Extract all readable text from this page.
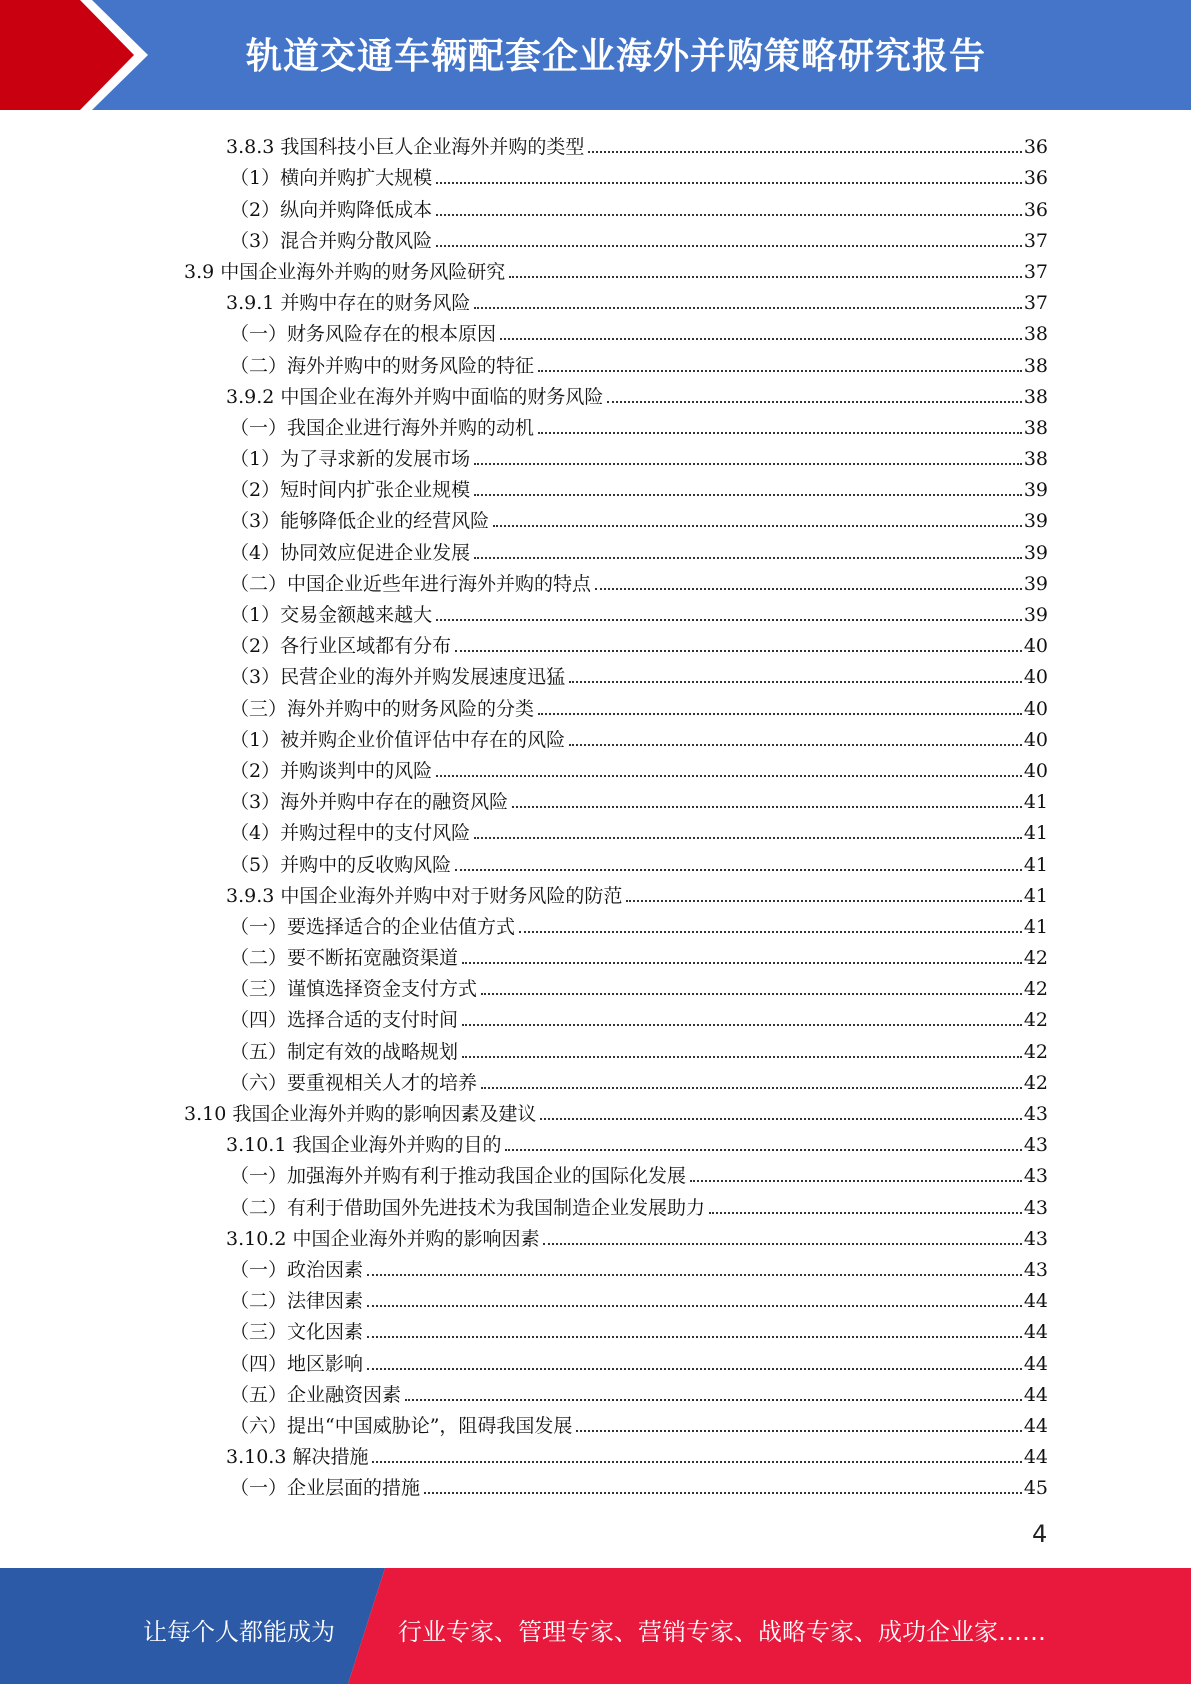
轨道交通车辆配套企业海外并购策略研究报告
3.8.3 我国科技小巨人企业海外并购的类型	36
（1）横向并购扩大规模	36
（2）纵向并购降低成本	36
（3）混合并购分散风险	37
3.9 中国企业海外并购的财务风险研究	37
3.9.1 并购中存在的财务风险	37
（一）财务风险存在的根本原因	38
（二）海外并购中的财务风险的特征	38
3.9.2 中国企业在海外并购中面临的财务风险	38
（一）我国企业进行海外并购的动机	38
（1）为了寻求新的发展市场	38
（2）短时间内扩张企业规模	39
（3）能够降低企业的经营风险	39
（4）协同效应促进企业发展	39
（二）中国企业近些年进行海外并购的特点	39
（1）交易金额越来越大	39
（2）各行业区域都有分布	40
（3）民营企业的海外并购发展速度迅猛	40
（三）海外并购中的财务风险的分类	40
（1）被并购企业价值评估中存在的风险	40
（2）并购谈判中的风险	40
（3）海外并购中存在的融资风险	41
（4）并购过程中的支付风险	41
（5）并购中的反收购风险	41
3.9.3 中国企业海外并购中对于财务风险的防范	41
（一）要选择适合的企业估值方式	41
（二）要不断拓宽融资渠道	42
（三）谨慎选择资金支付方式	42
（四）选择合适的支付时间	42
（五）制定有效的战略规划	42
（六）要重视相关人才的培养	42
3.10 我国企业海外并购的影响因素及建议	43
3.10.1 我国企业海外并购的目的	43
（一）加强海外并购有利于推动我国企业的国际化发展	43
（二）有利于借助国外先进技术为我国制造企业发展助力	43
3.10.2 中国企业海外并购的影响因素	43
（一）政治因素	43
（二）法律因素	44
（三）文化因素	44
（四）地区影响	44
（五）企业融资因素	44
（六）提出“中国威胁论”，阻碍我国发展	44
3.10.3 解决措施	44
（一）企业层面的措施	45
4
让每个人都能成为	行业专家、管理专家、营销专家、战略专家、成功企业家……
